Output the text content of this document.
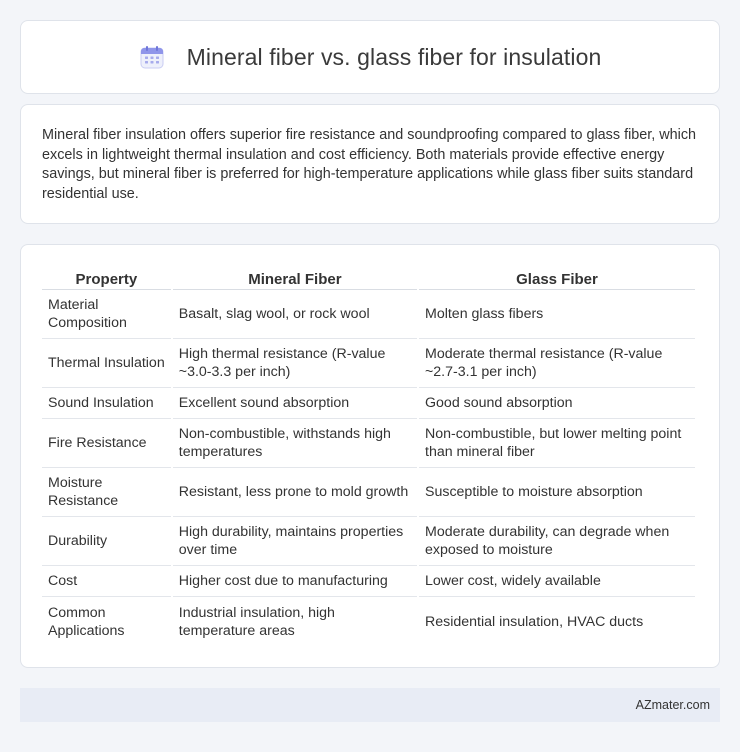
Mineral fiber vs. glass fiber for insulation

Mineral fiber insulation offers superior fire resistance and soundproofing compared to glass fiber, which excels in lightweight thermal insulation and cost efficiency. Both materials provide effective energy savings, but mineral fiber is preferred for high-temperature applications while glass fiber suits standard residential use.

Property	Mineral Fiber	Glass Fiber
Material Composition	Basalt, slag wool, or rock wool	Molten glass fibers
Thermal Insulation	High thermal resistance (R-value ~3.0-3.3 per inch)	Moderate thermal resistance (R-value ~2.7-3.1 per inch)
Sound Insulation	Excellent sound absorption	Good sound absorption
Fire Resistance	Non-combustible, withstands high temperatures	Non-combustible, but lower melting point than mineral fiber
Moisture Resistance	Resistant, less prone to mold growth	Susceptible to moisture absorption
Durability	High durability, maintains properties over time	Moderate durability, can degrade when exposed to moisture
Cost	Higher cost due to manufacturing	Lower cost, widely available
Common Applications	Industrial insulation, high temperature areas	Residential insulation, HVAC ducts
AZmater.com
